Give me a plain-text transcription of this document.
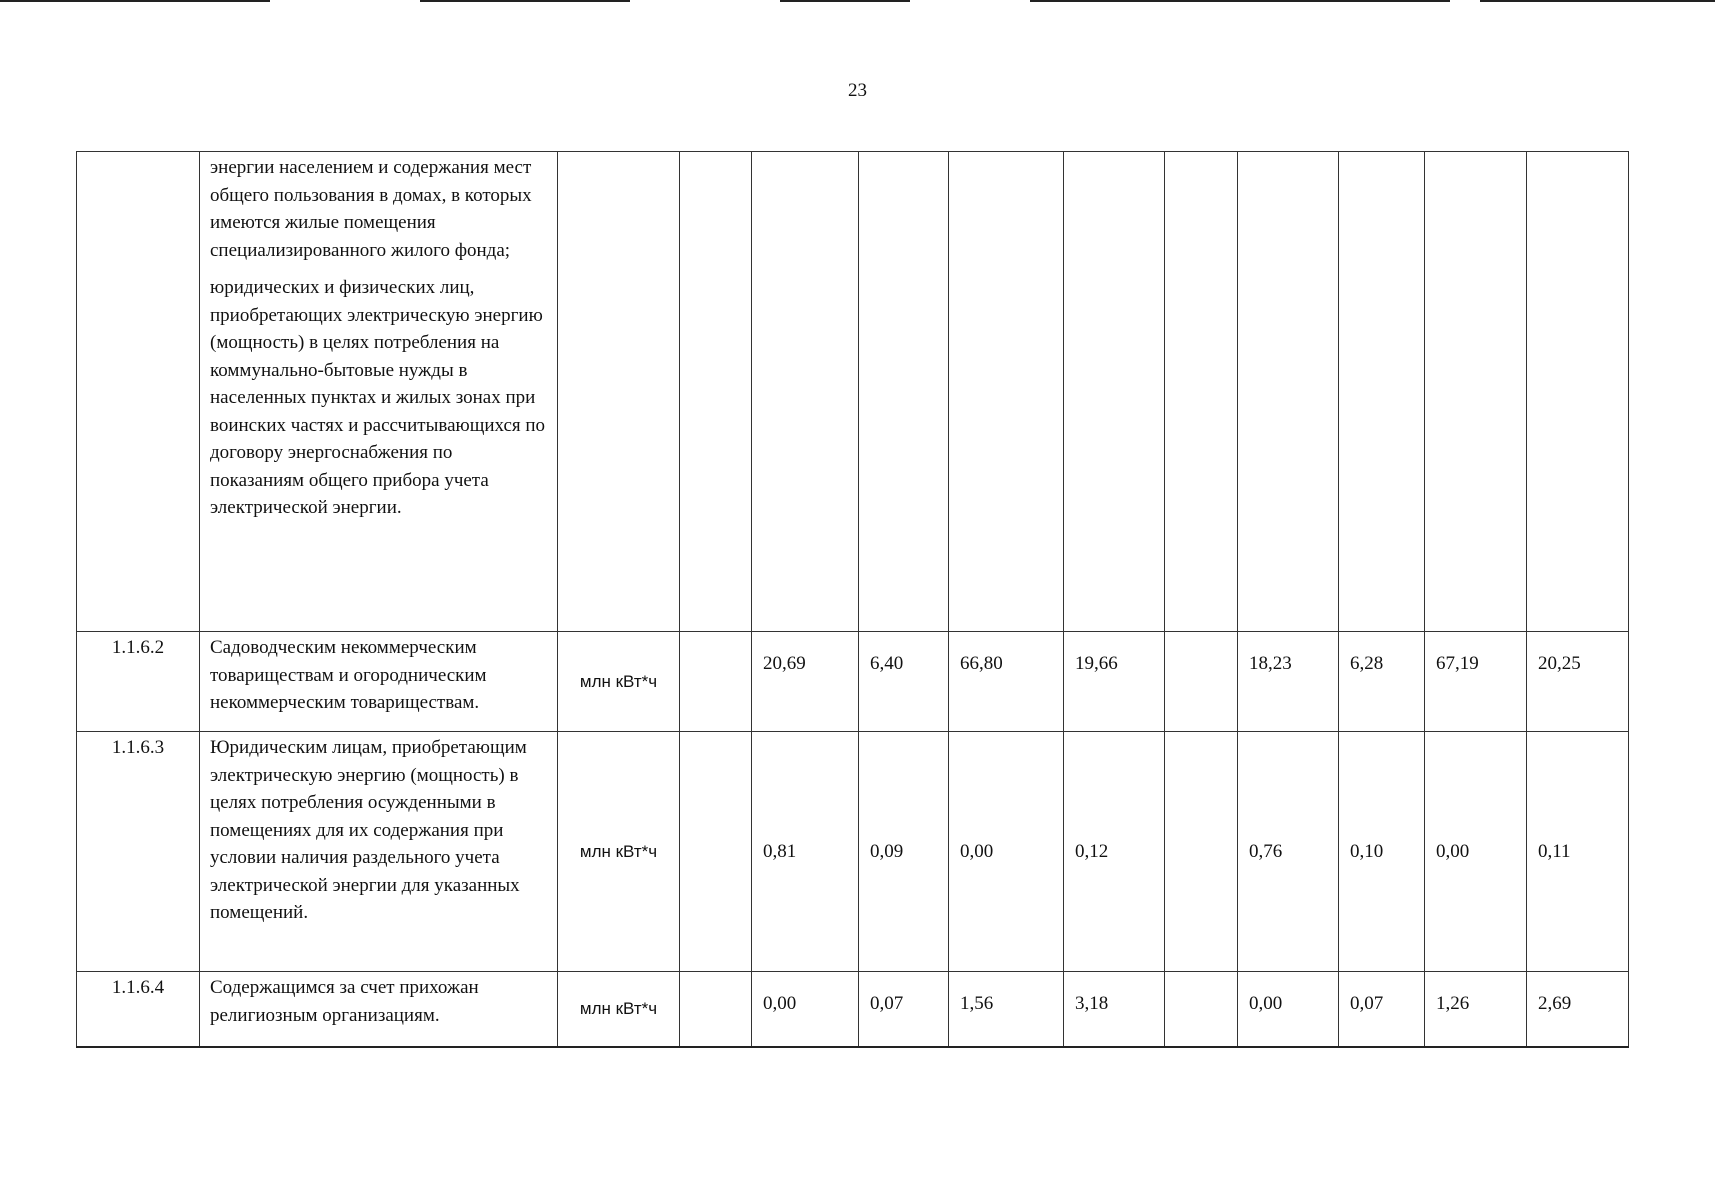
23

	энергии населением и содержания мест общего пользования в домах, в которых имеются жилые помещения специализированного жилого фонда;

юридических и физических лиц, приобретающих электрическую энергию (мощность) в целях потребления на коммунально-бытовые нужды в населенных пунктах и жилых зонах при воинских частях и рассчитывающихся по договору энергоснабжения по показаниям общего прибора учета электрической энергии.											

1.1.6.2	Садоводческим некоммерческим товариществам и огородническим некоммерческим товариществам.	млн кВт*ч		20,69	6,40	66,80	19,66		18,23	6,28	67,19	20,25
1.1.6.3	Юридическим лицам, приобретающим электрическую энергию (мощность) в целях потребления осужденными в помещениях для их содержания при условии наличия раздельного учета электрической энергии для указанных помещений.	млн кВт*ч		0,81	0,09	0,00	0,12		0,76	0,10	0,00	0,11
1.1.6.4	Содержащимся за счет прихожан религиозным организациям.	млн кВт*ч		0,00	0,07	1,56	3,18		0,00	0,07	1,26	2,69
